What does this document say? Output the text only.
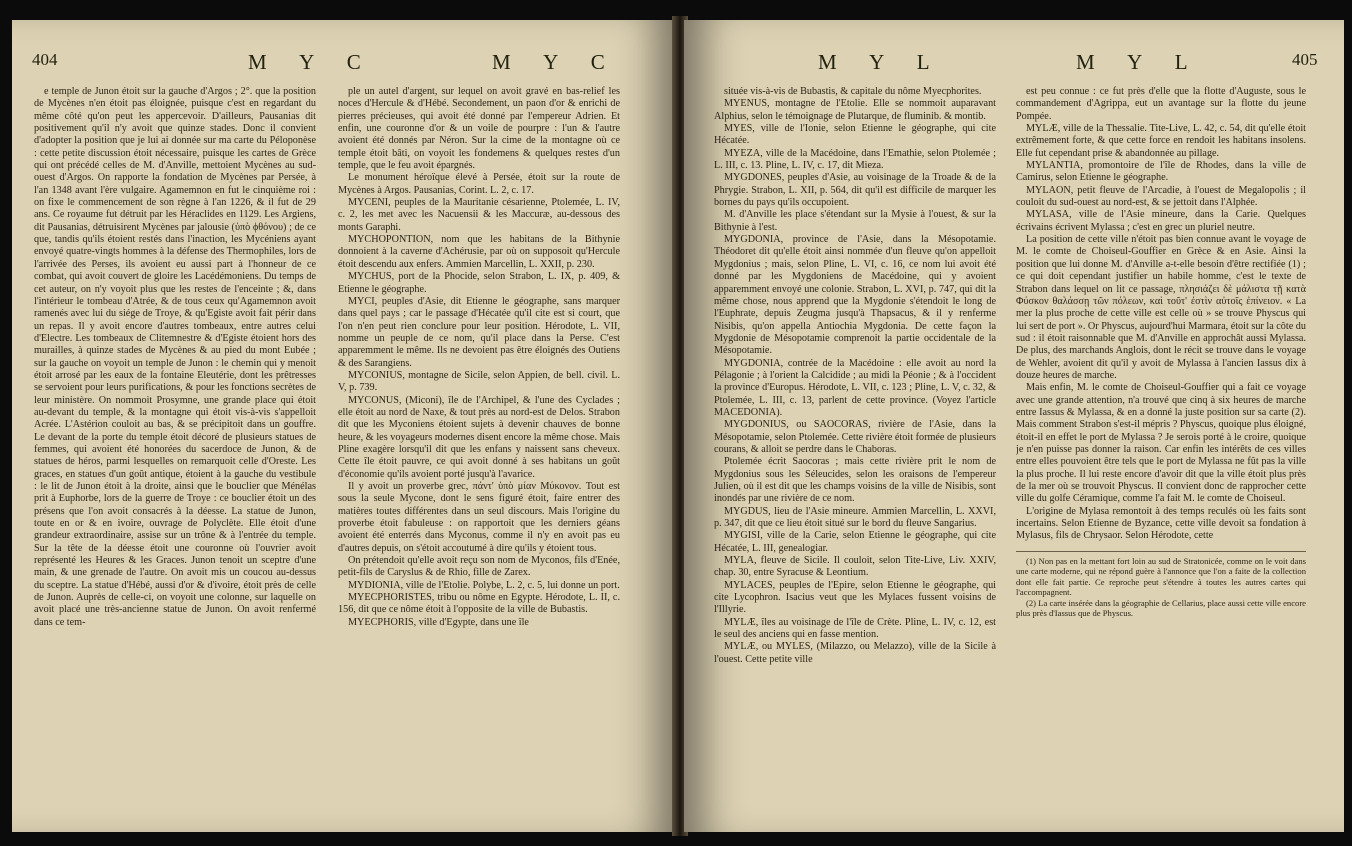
404	M Y C	M Y C

e temple de Junon étoit sur la gauche d'Argos ; 2°. que la position de Mycènes n'en étoit pas éloignée, puisque c'est en regardant du même côté qu'on peut les appercevoir. D'ailleurs, Pausanias dit positivement qu'il n'y avoit que quinze stades. Donc il convient d'adopter la position que je lui ai donnée sur ma carte du Péloponèse : cette petite discussion étoit nécessaire, puisque les cartes de Grèce qui ont précédé celles de M. d'Anville, mettoient Mycènes au sud-ouest d'Argos. On rapporte la fondation de Mycènes par Persée, à l'an 1348 avant l'ère vulgaire. Agamemnon en fut le cinquième roi : on fixe le commencement de son règne à l'an 1226, & il fut de 29 ans. Ce royaume fut détruit par les Héraclides en 1129. Les Argiens, dit Pausanias, détruisirent Mycènes par jalousie (ὑπὸ ϕθόνου) ; de ce que, tandis qu'ils étoient restés dans l'inaction, les Mycéniens ayant envoyé quatre-vingts hommes à la défense des Thermophiles, lors de l'arrivée des Perses, ils avoient eu aussi part à l'honneur de ce combat, qui avoit couvert de gloire les Lacédémoniens. Du temps de cet auteur, on n'y voyoit plus que les restes de l'enceinte ; &, dans l'intérieur le tombeau d'Atrée, & de tous ceux qu'Agamemnon avoit ramenés avec lui du siége de Troye, & qu'Egiste avoit fait périr dans un repas. Il y avoit encore d'autres tombeaux, entre autres celui d'Electre. Les tombeaux de Clitemnestre & d'Egiste étoient hors des murailles, à quinze stades de Mycènes & au pied du mont Eubée ; sur la gauche on voyoit un temple de Junon : le chemin qui y menoit étoit arrosé par les eaux de la fontaine Eleutérie, dont les prêtresses se servoient pour leurs purifications, & pour les fonctions secrètes de leur ministère. On nommoit Prosymne, une grande place qui étoit au-devant du temple, & la montagne qui étoit vis-à-vis s'appelloit Acrée. L'Astérion couloit au bas, & se précipitoit dans un gouffre. Le devant de la porte du temple étoit décoré de plusieurs statues de femmes, qui avoient été honorées du sacerdoce de Junon, & de statues de héros, parmi lesquelles on remarquoit celle d'Oreste. Les graces, en statues d'un goût antique, étoient à la gauche du vestibule : le lit de Junon étoit à la droite, ainsi que le bouclier que Ménélas prit à Euphorbe, lors de la guerre de Troye : ce bouclier étoit un des présens que l'on avoit consacrés à la déesse. La statue de Junon, toute en or & en ivoire, ouvrage de Polyclète. Elle étoit d'une grandeur extraordinaire, assise sur un trône & à l'entrée du temple. Sur la tête de la déesse étoit une couronne où l'ouvrier avoit représenté les Heures & les Graces. Junon tenoit un sceptre d'une main, & une grenade de l'autre. On avoit mis un coucou au-dessus du sceptre. La statue d'Hébé, aussi d'or & d'ivoire, étoit près de celle de Junon. Auprès de celle-ci, on voyoit une colonne, sur laquelle on avoit placé une très-ancienne statue de Junon. On avoit renfermé dans ce tem-

ple un autel d'argent, sur lequel on avoit gravé en bas-relief les noces d'Hercule & d'Hébé. Secondement, un paon d'or & enrichi de pierres précieuses, qui avoit été donné par l'empereur Adrien. Et enfin, une couronne d'or & un voile de pourpre : l'un & l'autre avoient été donnés par Néron. Sur la cime de la montagne où ce temple étoit bâti, on voyoit les fondemens & quelques restes d'un temple, que le feu avoit épargnés.

Le monument héroïque élevé à Persée, étoit sur la route de Mycènes à Argos. Pausanias, Corint. L. 2, c. 17.

MYCENI, peuples de la Mauritanie césarienne, Ptolemée, L. IV, c. 2, les met avec les Nacuensii & les Maccuræ, au-dessous des monts Garaphi.

MYCHOPONTION, nom que les habitans de la Bithynie donnoient à la caverne d'Achérusie, par où on supposoit qu'Hercule étoit descendu aux enfers. Ammien Marcellin, L. XXII, p. 230.

MYCHUS, port de la Phocide, selon Strabon, L. IX, p. 409, & Etienne le géographe.

MYCI, peuples d'Asie, dit Etienne le géographe, sans marquer dans quel pays ; car le passage d'Hécatée qu'il cite est si court, que l'on n'en peut rien conclure pour leur position. Hérodote, L. VII, nomme un peuple de ce nom, qu'il place dans la Perse. C'est apparemment le même. Ils ne devoient pas être éloignés des Outiens & des Sarangiens.

MYCONIUS, montagne de Sicile, selon Appien, de bell. civil. L. V, p. 739.

MYCONUS, (Miconi), île de l'Archipel, & l'une des Cyclades ; elle étoit au nord de Naxe, & tout près au nord-est de Delos. Strabon dit que les Myconiens étoient sujets à devenir chauves de bonne heure, & les voyageurs modernes disent encore la même chose. Mais Pline exagère lorsqu'il dit que les enfans y naissent sans cheveux. Cette île étoit pauvre, ce qui avoit donné à ses habitans un goût d'économie qu'ils avoient porté jusqu'à l'avarice.

Il y avoit un proverbe grec, πάντ' ὑπὸ μίαν Μύκονον. Tout est sous la seule Mycone, dont le sens figuré étoit, faire entrer des matières toutes différentes dans un seul discours. Mais l'origine du proverbe étoit fabuleuse : on rapportoit que les derniers géans avoient été enterrés dans Myconus, comme il n'y en avoit pas eu d'autres depuis, on s'étoit accoutumé à dire qu'ils y étoient tous.

On prétendoit qu'elle avoit reçu son nom de Myconos, fils d'Enée, petit-fils de Caryslus & de Rhio, fille de Zarex.

MYDIONIA, ville de l'Etolie. Polybe, L. 2, c. 5, lui donne un port.

MYECPHORISTES, tribu ou nôme en Egypte. Hérodote, L. II, c. 156, dit que ce nôme étoit à l'opposite de la ville de Bubastis.

MYECPHORIS, ville d'Egypte, dans une île

M Y L	M Y L	405

située vis-à-vis de Bubastis, & capitale du nôme Myecphorites.

MYENUS, montagne de l'Etolie. Elle se nommoit auparavant Alphius, selon le témoignage de Plutarque, de fluminib. & montib.

MYES, ville de l'Ionie, selon Etienne le géographe, qui cite Hécatée.

MYEZA, ville de la Macédoine, dans l'Emathie, selon Ptolemée ; L. III, c. 13. Pline, L. IV, c. 17, dit Mieza.

MYGDONES, peuples d'Asie, au voisinage de la Troade & de la Phrygie. Strabon, L. XII, p. 564, dit qu'il est difficile de marquer les bornes du pays qu'ils occupoient.

M. d'Anville les place s'étendant sur la Mysie à l'ouest, & sur la Bithynie à l'est.

MYGDONIA, province de l'Asie, dans la Mésopotamie. Théodoret dit qu'elle étoit ainsi nommée d'un fleuve qu'on appelloit Mygdonius ; mais, selon Pline, L. VI, c. 16, ce nom lui avoit été donné par les Mygdoniens de Macédoine, qui y avoient apparemment envoyé une colonie. Strabon, L. XVI, p. 747, qui dit la même chose, nous apprend que la Mygdonie s'étendoit le long de l'Euphrate, depuis Zeugma jusqu'à Thapsacus, & il y renferme Nisibis, qu'on appella Antiochia Mygdonia. De cette façon la Mygdonie de Mésopotamie comprenoit la partie occidentale de la Mésopotamie.

MYGDONIA, contrée de la Macédoine : elle avoit au nord la Pélagonie ; à l'orient la Calcidide ; au midi la Péonie ; & à l'occident la province d'Europus. Hérodote, L. VII, c. 123 ; Pline, L. V, c. 32, & Ptolemée, L. III, c. 13, parlent de cette province. (Voyez l'article MACEDONIA).

MYGDONIUS, ou SAOCORAS, rivière de l'Asie, dans la Mésopotamie, selon Ptolemée. Cette rivière étoit formée de plusieurs courans, & alloit se perdre dans le Chaboras.

Ptolemée écrit Saocoras ; mais cette rivière prit le nom de Mygdonius sous les Séleucides, selon les oraisons de l'empereur Julien, où il est dit que les champs voisins de la ville de Nisibis, sont inondés par une rivière de ce nom.

MYGDUS, lieu de l'Asie mineure. Ammien Marcellin, L. XXVI, p. 347, dit que ce lieu étoit situé sur le bord du fleuve Sangarius.

MYGISI, ville de la Carie, selon Etienne le géographe, qui cite Hécatée, L. III, genealogiar.

MYLA, fleuve de Sicile. Il couloit, selon Tite-Live, Liv. XXIV, chap. 30, entre Syracuse & Leontium.

MYLACES, peuples de l'Epire, selon Etienne le géographe, qui cite Lycophron. Isacius veut que les Mylaces fussent voisins de l'Illyrie.

MYLÆ, îles au voisinage de l'île de Crète. Pline, L. IV, c. 12, est le seul des anciens qui en fasse mention.

MYLÆ, ou MYLES, (Milazzo, ou Melazzo), ville de la Sicile à l'ouest. Cette petite ville

est peu connue : ce fut près d'elle que la flotte d'Auguste, sous le commandement d'Agrippa, eut un avantage sur la flotte du jeune Pompée.

MYLÆ, ville de la Thessalie. Tite-Live, L. 42, c. 54, dit qu'elle étoit extrêmement forte, & que cette force en rendoit les habitans insolens. Elle fut cependant prise & abandonnée au pillage.

MYLANTIA, promontoire de l'île de Rhodes, dans la ville de Camirus, selon Etienne le géographe.

MYLAON, petit fleuve de l'Arcadie, à l'ouest de Megalopolis ; il couloit du sud-ouest au nord-est, & se jettoit dans l'Alphée.

MYLASA, ville de l'Asie mineure, dans la Carie. Quelques écrivains écrivent Mylassa ; c'est en grec un pluriel neutre.

La position de cette ville n'étoit pas bien connue avant le voyage de M. le comte de Choiseul-Gouffier en Grèce & en Asie. Ainsi la position que lui donne M. d'Anville a-t-elle besoin d'être rectifiée (1) ; ce qui doit cependant justifier un habile homme, c'est le texte de Strabon dans lequel on lit ce passage, πλησιάζει δὲ μάλιστα τῇ κατὰ Φύσκον θαλάσσῃ τῶν πόλεων, καὶ τοῦτ' ἐστὶν αὐτοῖς ἐπίνειον. « La mer la plus proche de cette ville est celle où » se trouve Physcus qui lui sert de port ». Or Physcus, aujourd'hui Marmara, étoit sur la côte du sud : il étoit raisonnable que M. d'Anville en approchât aussi Mylassa. De plus, des marchands Anglois, dont le récit se trouve dans le voyage de Wehler, avoient dit qu'il y avoit de Mylassa à l'ancien Iassus dix à douze heures de marche.

Mais enfin, M. le comte de Choiseul-Gouffier qui a fait ce voyage avec une grande attention, n'a trouvé que cinq à six heures de marche entre Iassus & Mylassa, & en a donné la juste position sur sa carte (2). Mais comment Strabon s'est-il mépris ? Physcus, quoique plus éloigné, étoit-il en effet le port de Mylassa ? Je serois porté à le croire, quoique je n'en puisse pas donner la raison. Car enfin les intérêts de ces villes entre elles pouvoient être tels que le port de Mylassa ne fût pas la ville la plus proche. Il lui reste encore d'avoir dit que la ville étoit plus près de la mer où se trouvoit Physcus. Il convient donc de rapprocher cette ville du golfe Céramique, comme l'a fait M. le comte de Choiseul.

L'origine de Mylasa remontoit à des temps reculés où les faits sont incertains. Selon Etienne de Byzance, cette ville devoit sa fondation à Mylasus, fils de Chrysaor. Selon Hérodote, cette

(1) Non pas en la mettant fort loin au sud de Stratonicée, comme on le voit dans une carte moderne, qui ne répond guère à l'annonce que l'on a faite de la collection dont elle fait partie. Ce reproche peut s'étendre à toutes les autres cartes qui l'accompagnent.

(2) La carte insérée dans la géographie de Cellarius, place aussi cette ville encore plus près d'Iassus que de Physcus.
